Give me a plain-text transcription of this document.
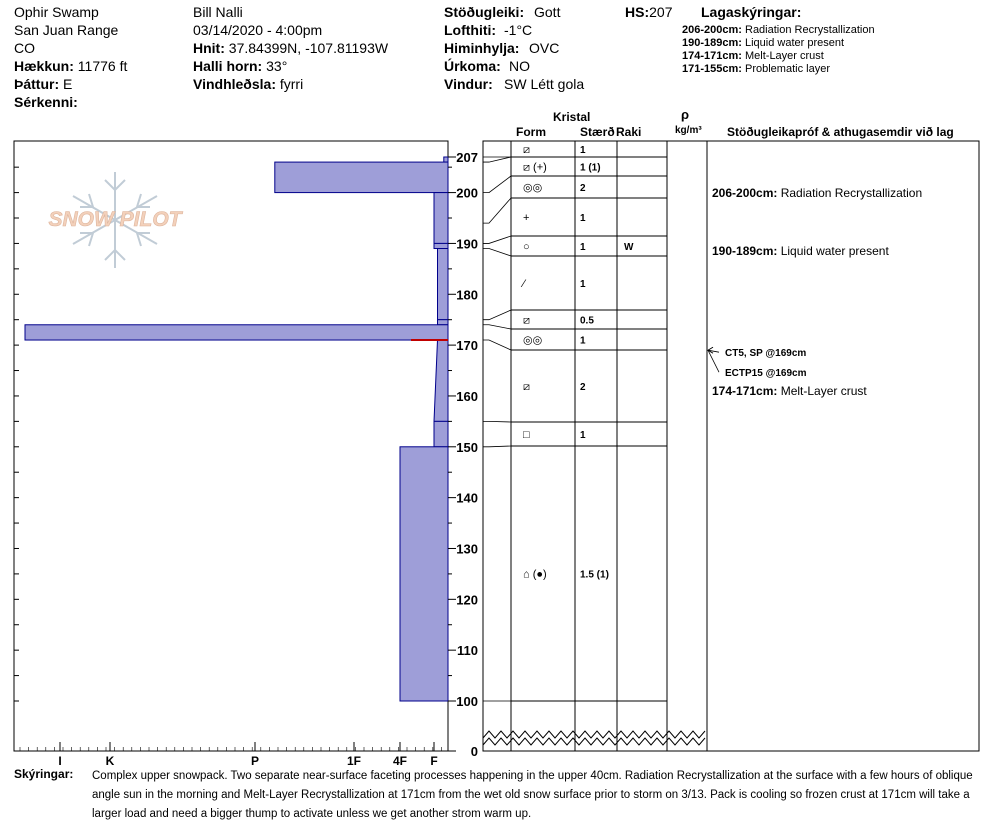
Ophir Swamp
San Juan Range
CO
Hækkun: 11776 ft
Þáttur: E
Sérkenni:
Bill Nalli
03/14/2020 - 4:00pm
Hnit: 37.84399N, -107.81193W
Halli horn: 33°
Vindhleðsla: fyrri
Stöðugleiki: Gott
Lofthiti: -1°C
Himinhylja: OVC
Úrkoma: NO
Vindur: SW Létt gola
HS:207 Lagaskýringar:
206-200cm: Radiation Recrystallization
190-189cm: Liquid water present
174-171cm: Melt-Layer crust
171-155cm: Problematic layer
Kristal
Form	Stærð Raki
ρ
kg/m³ Stöðugleikapróf & athugasemdir við lag
I	K	P	1F	4F F
SNOW PILOT
207
200
190
180
170
160
150
140
130
120
110
100
0
⧄	1
⧄ (+)	1 (1)
◎◎	2
+	1
○	1	W
⁄	1
⧄	0.5
◎◎	1
⧄	2
□	1
⌂ (●)	1.5 (1)
206-200cm: Radiation Recrystallization
190-189cm: Liquid water present
174-171cm: Melt-Layer crust
CT5, SP @169cm
ECTP15 @169cm
Skýringar: Complex upper snowpack. Two separate near-surface faceting processes happening in the upper 40cm. Radiation Recrystallization at the surface with a few hours of oblique angle sun in the morning and Melt-Layer Recrystallization at 171cm from the wet old snow surface prior to storm on 3/13. Pack is cooling so frozen crust at 171cm will take a larger load and need a bigger thump to activate unless we get another strom warm up.
